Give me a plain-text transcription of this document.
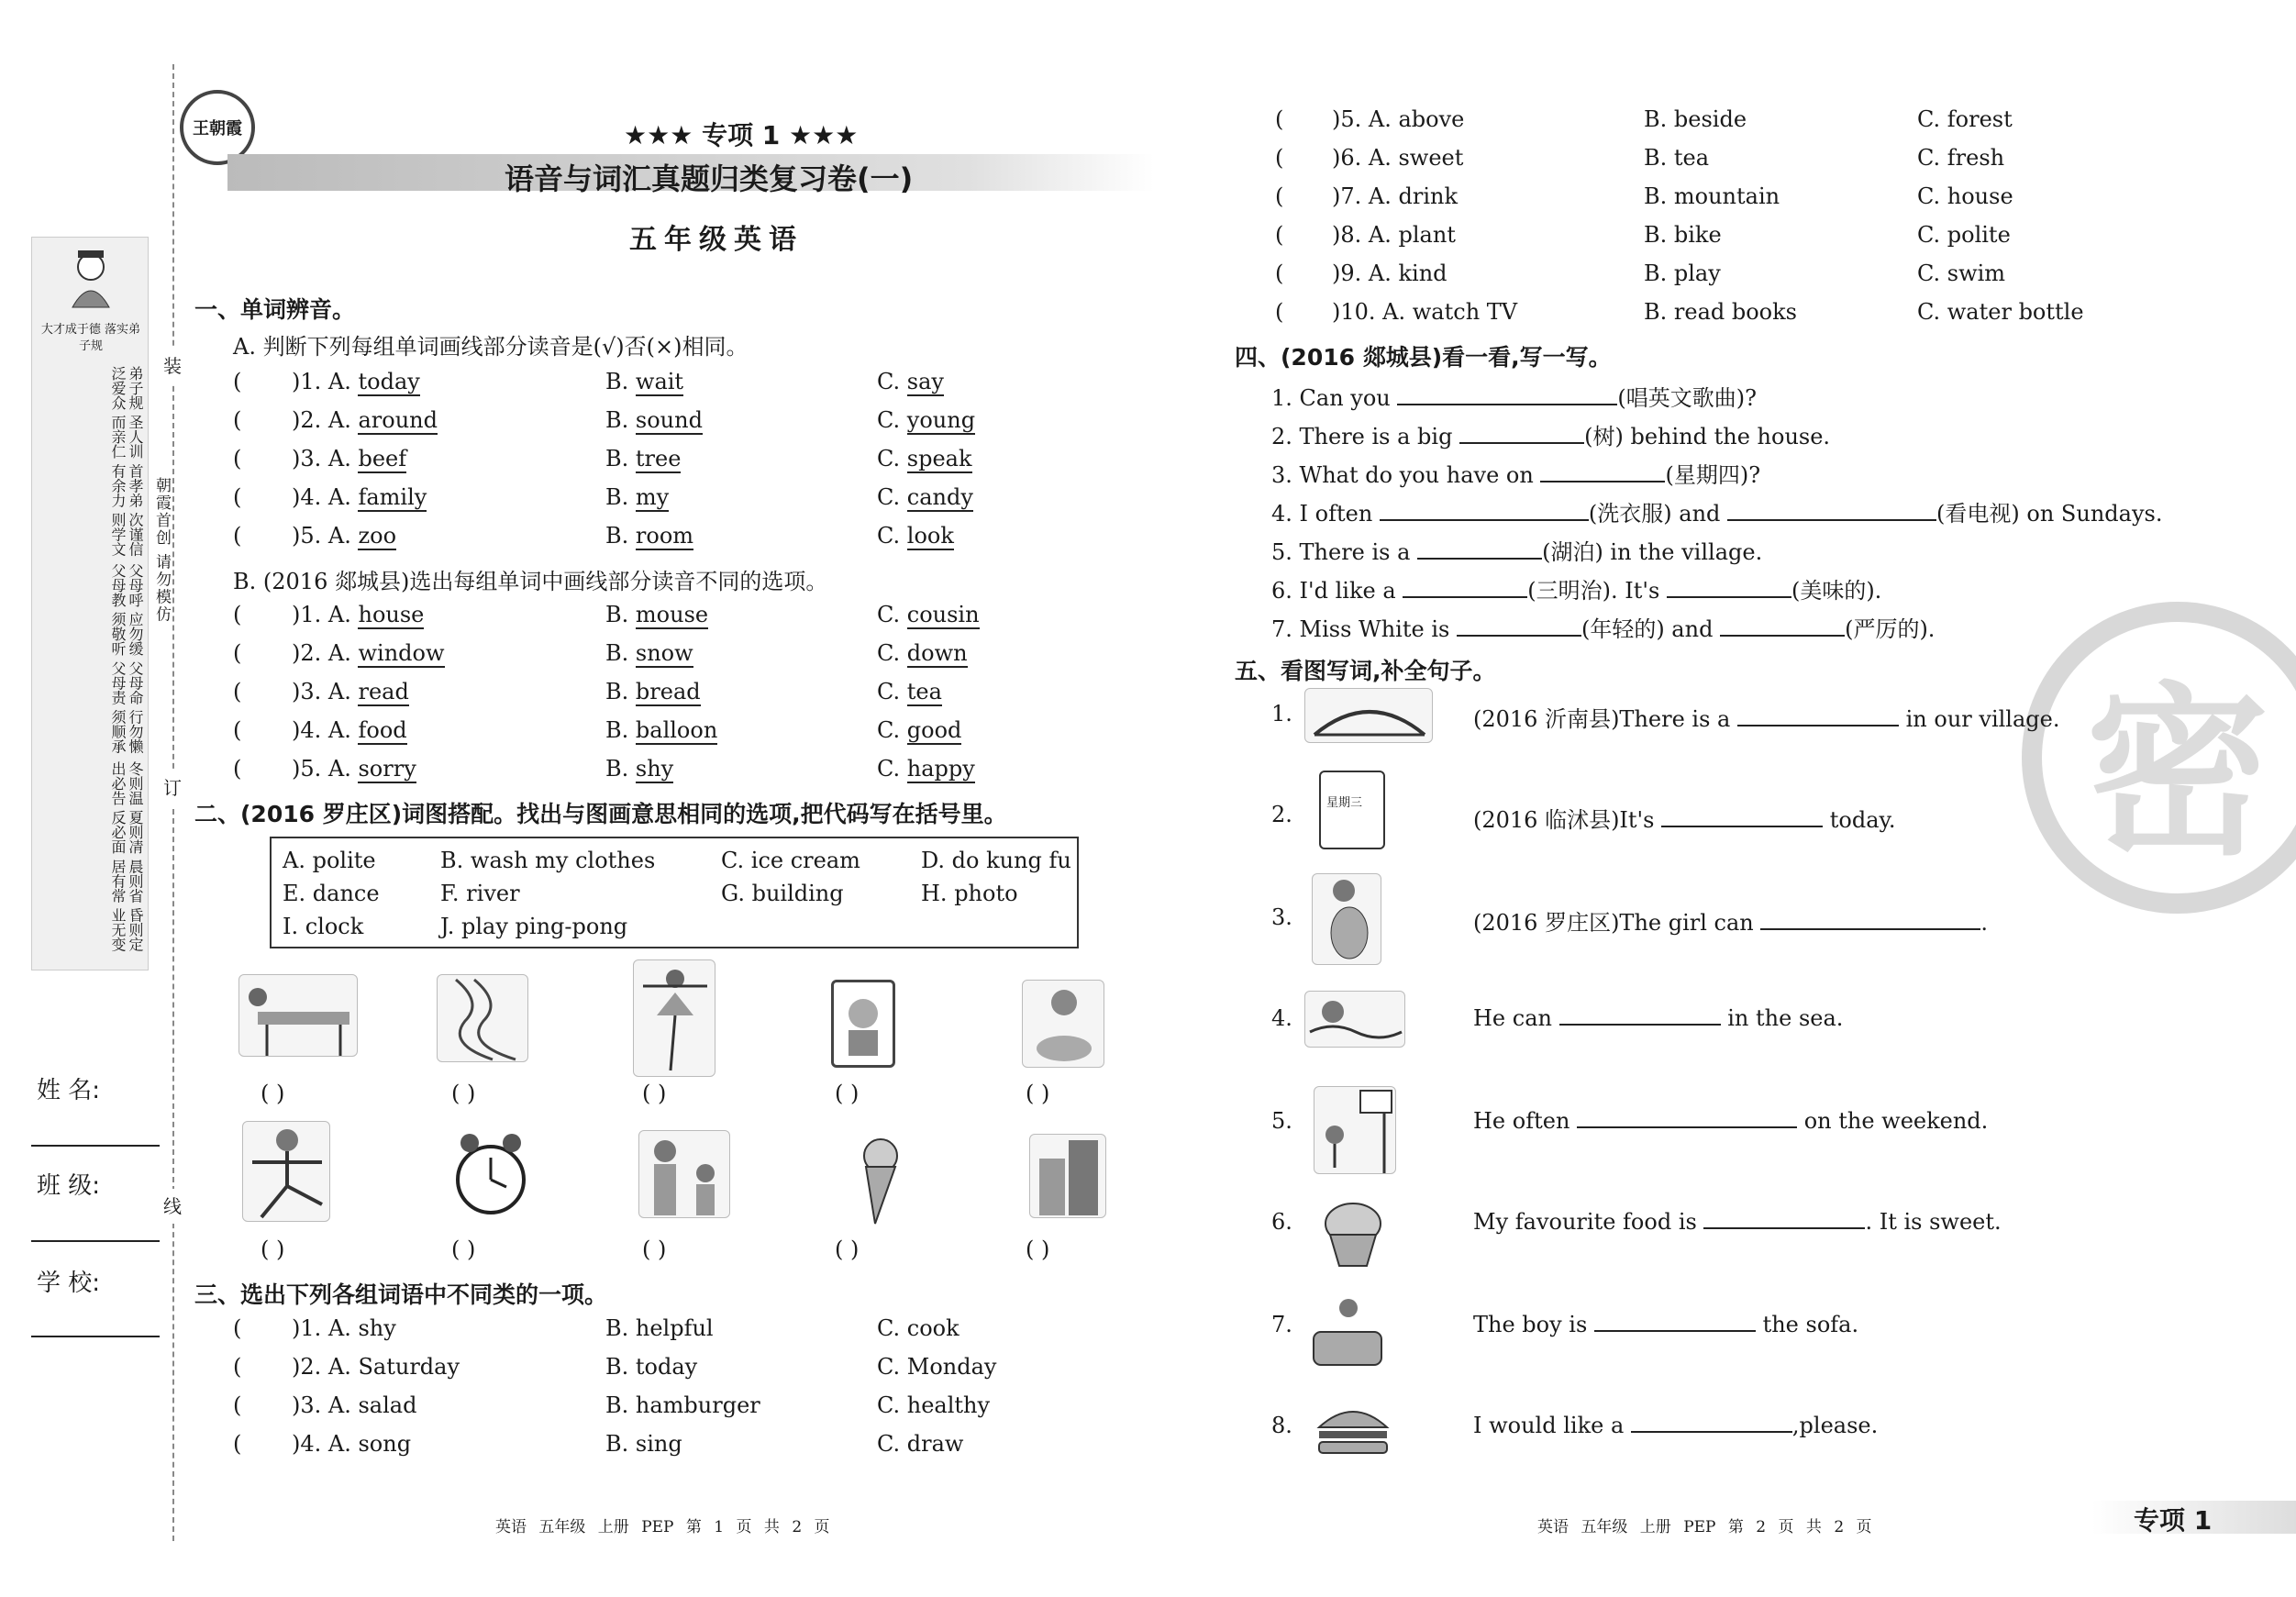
装
订
线
朝霞首创 请勿模仿
大才成于德 落实弟子规
弟子规 圣人训 首孝弟 次谨信 泛爱众 而亲仁 有余力 则学文
父母呼 应勿缓 父母命 行勿懒 父母教 须敬听 父母责 须顺承
冬则温 夏则凊 晨则省 昏则定 出必告 反必面 居有常 业无变
姓 名:
班 级:
学 校:
王朝霞	★★★ 专项 1 ★★★
语音与词汇真题归类复习卷(一)
五年级英语
一、单词辨音。
A. 判断下列每组单词画线部分读音是(√)否(×)相同。
( )1. A. today	B. wait	C. say
( )2. A. around	B. sound	C. young
( )3. A. beef	B. tree	C. speak
( )4. A. family	B. my	C. candy
( )5. A. zoo	B. room	C. look
B. (2016 郯城县)选出每组单词中画线部分读音不同的选项。
( )1. A. house	B. mouse	C. cousin
( )2. A. window	B. snow	C. down
( )3. A. read	B. bread	C. tea
( )4. A. food	B. balloon	C. good
( )5. A. sorry	B. shy	C. happy
二、(2016 罗庄区)词图搭配。找出与图画意思相同的选项,把代码写在括号里。
A. polite	B. wash my clothes	C. ice cream	D. do kung fu
E. dance	F. river	G. building	H. photo
I. clock	J. play ping-pong
( )	( )	( )	( )	( )
( )	( )	( )	( )	( )
三、选出下列各组词语中不同类的一项。
( )1. A. shy	B. helpful	C. cook
( )2. A. Saturday	B. today	C. Monday
( )3. A. salad	B. hamburger	C. healthy
( )4. A. song	B. sing	C. draw
英语 五年级 上册 PEP 第 1 页 共 2 页
( )5. A. above	B. beside	C. forest
( )6. A. sweet	B. tea	C. fresh
( )7. A. drink	B. mountain	C. house
( )8. A. plant	B. bike	C. polite
( )9. A. kind	B. play	C. swim
( )10. A. watch TV	B. read books	C. water bottle
密
四、(2016 郯城县)看一看,写一写。
1. Can you	(唱英文歌曲)?
2. There is a big	(树) behind the house.
3. What do you have on	(星期四)?
4. I often	(洗衣服) and	(看电视) on Sundays.
5. There is a	(湖泊) in the village.
6. I'd like a	(三明治). It's	(美味的).
7. Miss White is	(年轻的) and	(严厉的).
五、看图写词,补全句子。
1.	(2016 沂南县)There is a	in our village.
2.	星期三
(2016 临沭县)It's	today.
3.	(2016 罗庄区)The girl can	.
4.	He can	in the sea.
5.	He often	on the weekend.
6.	My favourite food is	. It is sweet.
7.	The boy is	the sofa.
8.	I would like a	,please.
英语 五年级 上册 PEP 第 2 页 共 2 页	专项 1
